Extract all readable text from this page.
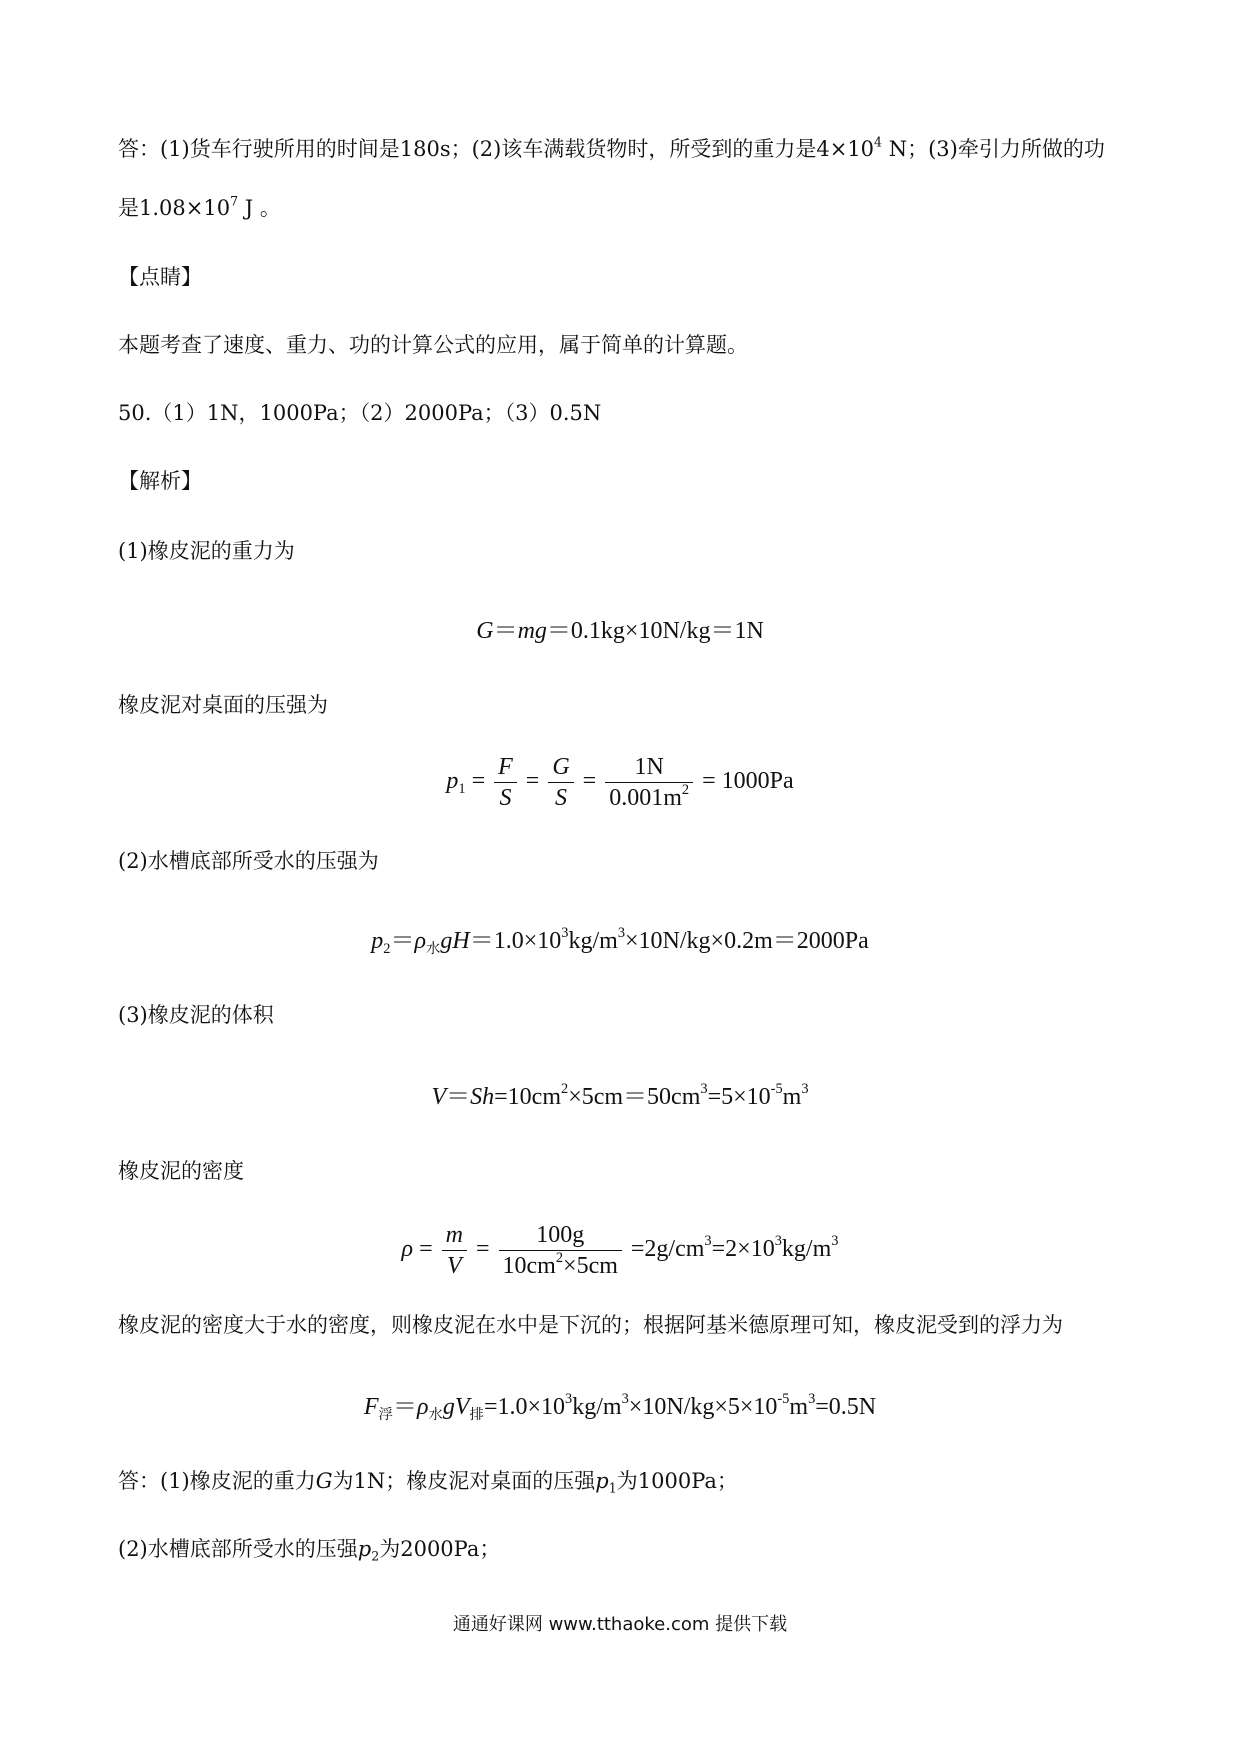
答：(1)货车行驶所用的时间是180s；(2)该车满载货物时，所受到的重力是$4\times 10^4$ N；(3)牵引力所做的功
是$1.08\times 10^7$ J 。
【点睛】
本题考查了速度、重力、功的计算公式的应用，属于简单的计算题。
50.（1）1N，1000Pa；（2）2000Pa；（3）0.5N
【解析】
(1)橡皮泥的重力为
G＝mg＝0.1kg×10N/kg＝1N
橡皮泥对桌面的压强为
$p_1 = \frac{F}{S} = \frac{G}{S} = \frac{1N}{0.001m^2} = 1000Pa$
(2)水槽底部所受水的压强为
$p_2=\rho_水gH=1.0\times 10^3kg/m^3\times 10N/kg\times 0.2m=2000Pa$
(3)橡皮泥的体积
$V=Sh=10cm^2\times 5cm=50cm^3=5\times 10^{-5}m^3$
橡皮泥的密度
$\rho = \frac{m}{V} = \frac{100g}{10cm^2\times 5cm} =2g/cm^3=2\times 10^3kg/m^3$
橡皮泥的密度大于水的密度，则橡皮泥在水中是下沉的；根据阿基米德原理可知，橡皮泥受到的浮力为
$F_浮=\rho_水gV_排=1.0\times 10^3kg/m^3\times 10N/kg\times 5\times 10^{-5}m^3=0.5N$
答：(1)橡皮泥的重力G为1N；橡皮泥对桌面的压强$p_1$为1000Pa；
(2)水槽底部所受水的压强$p_2$为2000Pa；
通通好课网 www.tthaoke.com 提供下载
